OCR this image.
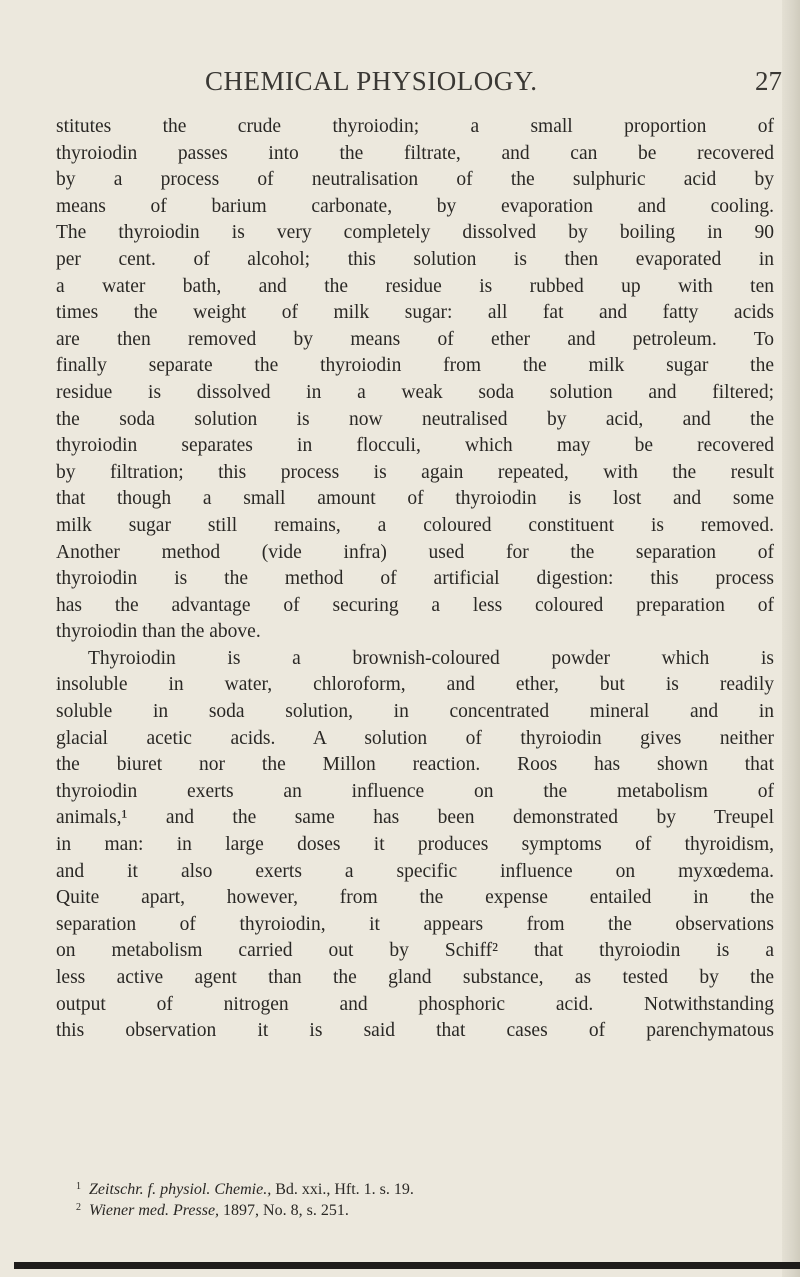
CHEMICAL PHYSIOLOGY.	27
stitutes the crude thyroiodin; a small proportion of
thyroiodin passes into the filtrate, and can be recovered
by a process of neutralisation of the sulphuric acid by
means of barium carbonate, by evaporation and cooling.
The thyroiodin is very completely dissolved by boiling in 90
per cent. of alcohol; this solution is then evaporated in
a water bath, and the residue is rubbed up with ten
times the weight of milk sugar: all fat and fatty acids
are then removed by means of ether and petroleum. To
finally separate the thyroiodin from the milk sugar the
residue is dissolved in a weak soda solution and filtered;
the soda solution is now neutralised by acid, and the
thyroiodin separates in flocculi, which may be recovered
by filtration; this process is again repeated, with the result
that though a small amount of thyroiodin is lost and some
milk sugar still remains, a coloured constituent is removed.
Another method (vide infra) used for the separation of
thyroiodin is the method of artificial digestion: this process
has the advantage of securing a less coloured preparation of
thyroiodin than the above.
Thyroiodin is a brownish-coloured powder which is
insoluble in water, chloroform, and ether, but is readily
soluble in soda solution, in concentrated mineral and in
glacial acetic acids. A solution of thyroiodin gives neither
the biuret nor the Millon reaction. Roos has shown that
thyroiodin exerts an influence on the metabolism of
animals,¹ and the same has been demonstrated by Treupel
in man: in large doses it produces symptoms of thyroidism,
and it also exerts a specific influence on myxœdema.
Quite apart, however, from the expense entailed in the
separation of thyroiodin, it appears from the observations
on metabolism carried out by Schiff² that thyroiodin is a
less active agent than the gland substance, as tested by the
output of nitrogen and phosphoric acid. Notwithstanding
this observation it is said that cases of parenchymatous
$^1$ Zeitschr. f. physiol. Chemie., Bd. xxi., Hft. 1. s. 19.
$^2$ Wiener med. Presse, 1897, No. 8, s. 251.
